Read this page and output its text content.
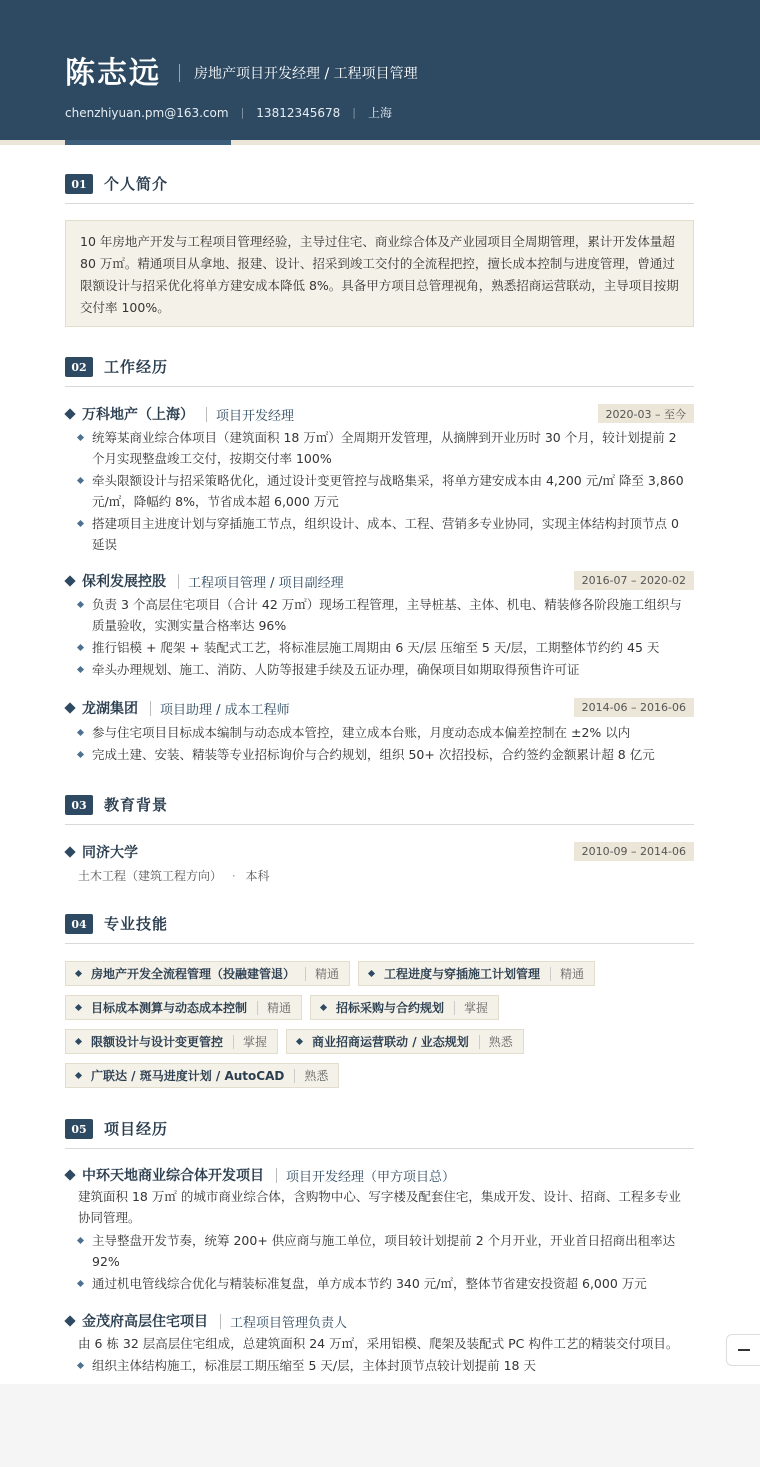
陈志远 房地产项目开发经理 / 工程项目管理
chenzhiyuan.pm@163.com | 13812345678 | 上海
01	个人简介
10 年房地产开发与工程项目管理经验，主导过住宅、商业综合体及产业园项目全周期管理，累计开发体量超 80 万㎡。精通项目从拿地、报建、设计、招采到竣工交付的全流程把控，擅长成本控制与进度管理，曾通过限额设计与招采优化将单方建安成本降低 8%。具备甲方项目总管理视角，熟悉招商运营联动，主导项目按期交付率 100%。
02	工作经历
万科地产（上海） 项目开发经理	2020-03 – 至今
统筹某商业综合体项目（建筑面积 18 万㎡）全周期开发管理，从摘牌到开业历时 30 个月，较计划提前 2 个月实现整盘竣工交付，按期交付率 100%
牵头限额设计与招采策略优化，通过设计变更管控与战略集采，将单方建安成本由 4,200 元/㎡ 降至 3,860 元/㎡，降幅约 8%，节省成本超 6,000 万元
搭建项目主进度计划与穿插施工节点，组织设计、成本、工程、营销多专业协同，实现主体结构封顶节点 0 延误
保利发展控股 工程项目管理 / 项目副经理	2016-07 – 2020-02
负责 3 个高层住宅项目（合计 42 万㎡）现场工程管理，主导桩基、主体、机电、精装修各阶段施工组织与质量验收，实测实量合格率达 96%
推行铝模 + 爬架 + 装配式工艺，将标准层施工周期由 6 天/层 压缩至 5 天/层，工期整体节约约 45 天
牵头办理规划、施工、消防、人防等报建手续及五证办理，确保项目如期取得预售许可证
龙湖集团 项目助理 / 成本工程师	2014-06 – 2016-06
参与住宅项目目标成本编制与动态成本管控，建立成本台账，月度动态成本偏差控制在 ±2% 以内
完成土建、安装、精装等专业招标询价与合约规划，组织 50+ 次招投标，合约签约金额累计超 8 亿元
03	教育背景
同济大学	2010-09 – 2014-06
土木工程（建筑工程方向） · 本科
04	专业技能
房地产开发全流程管理（投融建管退） 精通	工程进度与穿插施工计划管理 精通
目标成本测算与动态成本控制 精通	招标采购与合约规划 掌握
限额设计与设计变更管控 掌握	商业招商运营联动 / 业态规划 熟悉
广联达 / 斑马进度计划 / AutoCAD 熟悉
05	项目经历
中环天地商业综合体开发项目 项目开发经理（甲方项目总）
建筑面积 18 万㎡ 的城市商业综合体，含购物中心、写字楼及配套住宅，集成开发、设计、招商、工程多专业协同管理。
主导整盘开发节奏，统筹 200+ 供应商与施工单位，项目较计划提前 2 个月开业，开业首日招商出租率达 92%
通过机电管线综合优化与精装标准复盘，单方成本节约 340 元/㎡，整体节省建安投资超 6,000 万元
金茂府高层住宅项目 工程项目管理负责人
由 6 栋 32 层高层住宅组成，总建筑面积 24 万㎡，采用铝模、爬架及装配式 PC 构件工艺的精装交付项目。
组织主体结构施工，标准层工期压缩至 5 天/层，主体封顶节点较计划提前 18 天
